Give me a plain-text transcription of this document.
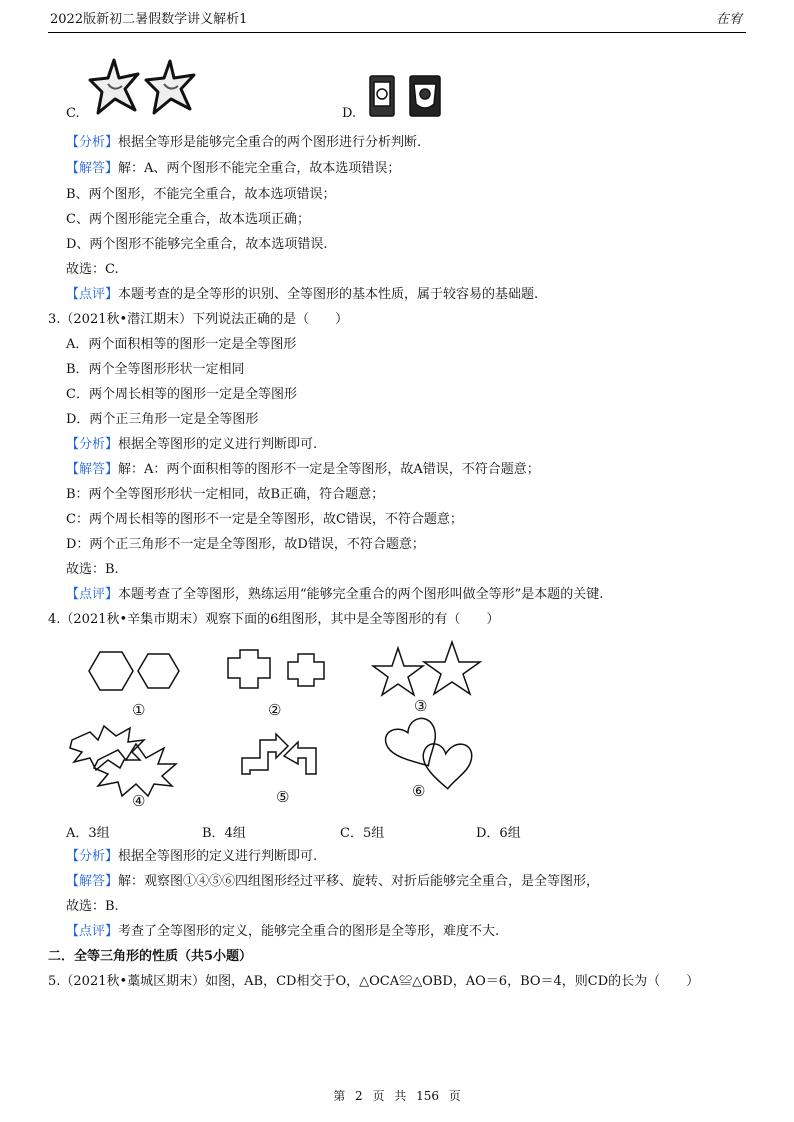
2022版新初二暑假数学讲义解析1	在宥
C.	D.
【分析】根据全等形是能够完全重合的两个图形进行分析判断.
【解答】解：A、两个图形不能完全重合，故本选项错误；
B、两个图形，不能完全重合，故本选项错误；
C、两个图形能完全重合，故本选项正确；
D、两个图形不能够完全重合，故本选项错误.
故选：C.
【点评】本题考查的是全等形的识别、全等图形的基本性质，属于较容易的基础题.
3.（2021秋•潜江期末）下列说法正确的是（　　）
A．两个面积相等的图形一定是全等图形
B．两个全等图形形状一定相同
C．两个周长相等的图形一定是全等图形
D．两个正三角形一定是全等图形
【分析】根据全等图形的定义进行判断即可.
【解答】解：A：两个面积相等的图形不一定是全等图形，故A错误，不符合题意；
B：两个全等图形形状一定相同，故B正确，符合题意；
C：两个周长相等的图形不一定是全等图形，故C错误，不符合题意；
D：两个正三角形不一定是全等图形，故D错误，不符合题意；
故选：B.
【点评】本题考查了全等图形，熟练运用“能够完全重合的两个图形叫做全等形”是本题的关键.
4.（2021秋•辛集市期末）观察下面的6组图形，其中是全等图形的有（　　）
①	②	③
④	⑤	⑥
A．3组	B．4组	C．5组	D．6组
【分析】根据全等图形的定义进行判断即可.
【解答】解：观察图①④⑤⑥四组图形经过平移、旋转、对折后能够完全重合，是全等图形，
故选：B.
【点评】考查了全等图形的定义，能够完全重合的图形是全等形，难度不大.
二．全等三角形的性质（共5小题）
5.（2021秋•藁城区期末）如图，AB，CD相交于O，△OCA≌△OBD，AO＝6，BO＝4，则CD的长为（　　）
第 2 页 共 156 页
